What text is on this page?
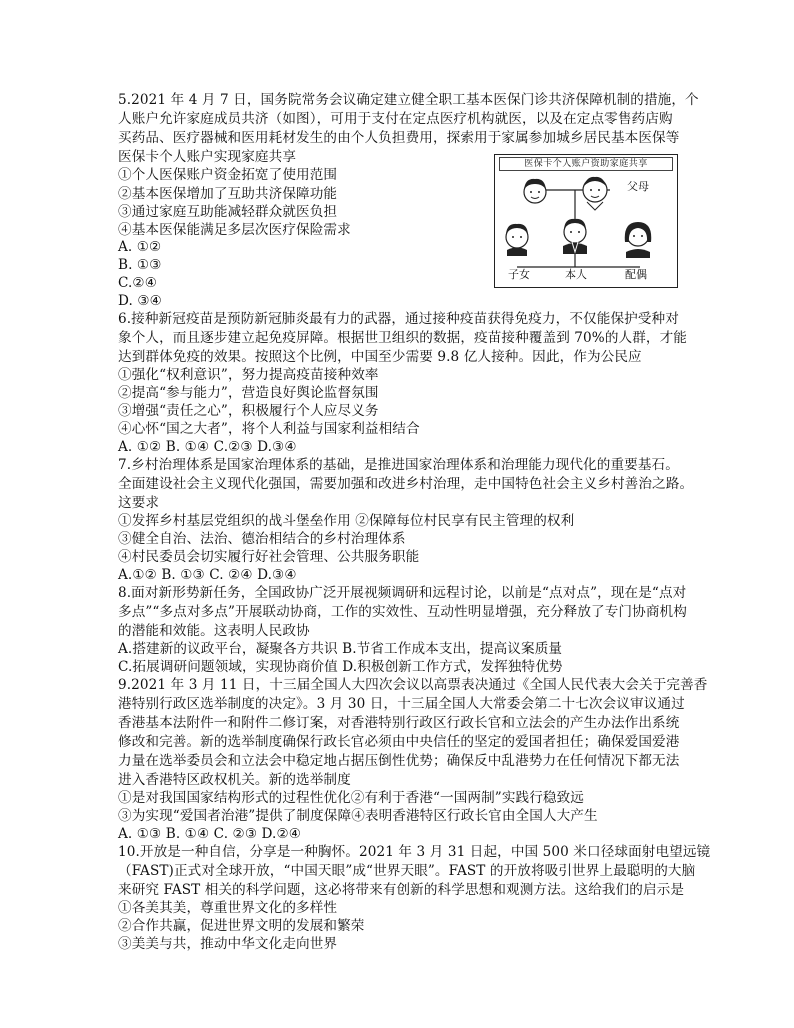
5.2021 年 4 月 7 日，国务院常务会议确定建立健全职工基本医保门诊共济保障机制的措施，个
人账户允许家庭成员共济（如图），可用于支付在定点医疗机构就医，以及在定点零售药店购
买药品、医疗器械和医用耗材发生的由个人负担费用，探索用于家属参加城乡居民基本医保等
医保卡个人账户实现家庭共享
①个人医保账户资金拓宽了使用范围
②基本医保增加了互助共济保障功能
③通过家庭互助能减轻群众就医负担
④基本医保能满足多层次医疗保险需求
A. ①②
B. ①③
C.②④
D. ③④
医保卡个人账户资助家庭共享
父母
子女	本人	配偶
6.接种新冠疫苗是预防新冠肺炎最有力的武器，通过接种疫苗获得免疫力，不仅能保护受种对
象个人，而且逐步建立起免疫屏障。根据世卫组织的数据，疫苗接种覆盖到 70%的人群，才能
达到群体免疫的效果。按照这个比例，中国至少需要 9.8 亿人接种。因此，作为公民应
①强化“权利意识”，努力提高疫苗接种效率
②提高“参与能力”，营造良好舆论监督氛围
③增强“责任之心”，积极履行个人应尽义务
④心怀“国之大者”，将个人利益与国家利益相结合
A. ①② B. ①④ C.②③ D.③④
7.乡村治理体系是国家治理体系的基础，是推进国家治理体系和治理能力现代化的重要基石。
全面建设社会主义现代化强国，需要加强和改进乡村治理，走中国特色社会主义乡村善治之路。
这要求
①发挥乡村基层党组织的战斗堡垒作用 ②保障每位村民享有民主管理的权利
③健全自治、法治、德治相结合的乡村治理体系
④村民委员会切实履行好社会管理、公共服务职能
A.①② B. ①③ C. ②④ D.③④
8.面对新形势新任务，全国政协广泛开展视频调研和远程讨论，以前是“点对点”，现在是“点对
多点”“多点对多点”开展联动协商，工作的实效性、互动性明显增强，充分释放了专门协商机构
的潜能和效能。这表明人民政协
A.搭建新的议政平台，凝聚各方共识 B.节省工作成本支出，提高议案质量
C.拓展调研问题领域，实现协商价值 D.积极创新工作方式，发挥独特优势
9.2021 年 3 月 11 日，十三届全国人大四次会议以高票表决通过《全国人民代表大会关于完善香
港特别行政区选举制度的决定》。3 月 30 日，十三届全国人大常委会第二十七次会议审议通过
香港基本法附件一和附件二修订案，对香港特别行政区行政长官和立法会的产生办法作出系统
修改和完善。新的选举制度确保行政长官必须由中央信任的坚定的爱国者担任；确保爱国爱港
力量在选举委员会和立法会中稳定地占据压倒性优势；确保反中乱港势力在任何情况下都无法
进入香港特区政权机关。新的选举制度
①是对我国国家结构形式的过程性优化②有利于香港“一国两制”实践行稳致远
③为实现“爱国者治港”提供了制度保障④表明香港特区行政长官由全国人大产生
A. ①③ B. ①④ C. ②③ D.②④
10.开放是一种自信，分享是一种胸怀。2021 年 3 月 31 日起，中国 500 米口径球面射电望远镜
（FAST)正式对全球开放，“中国天眼”成“世界天眼”。FAST 的开放将吸引世界上最聪明的大脑
来研究 FAST 相关的科学问题，这必将带来有创新的科学思想和观测方法。这给我们的启示是
①各美其美，尊重世界文化的多样性
②合作共赢，促进世界文明的发展和繁荣
③美美与共，推动中华文化走向世界
